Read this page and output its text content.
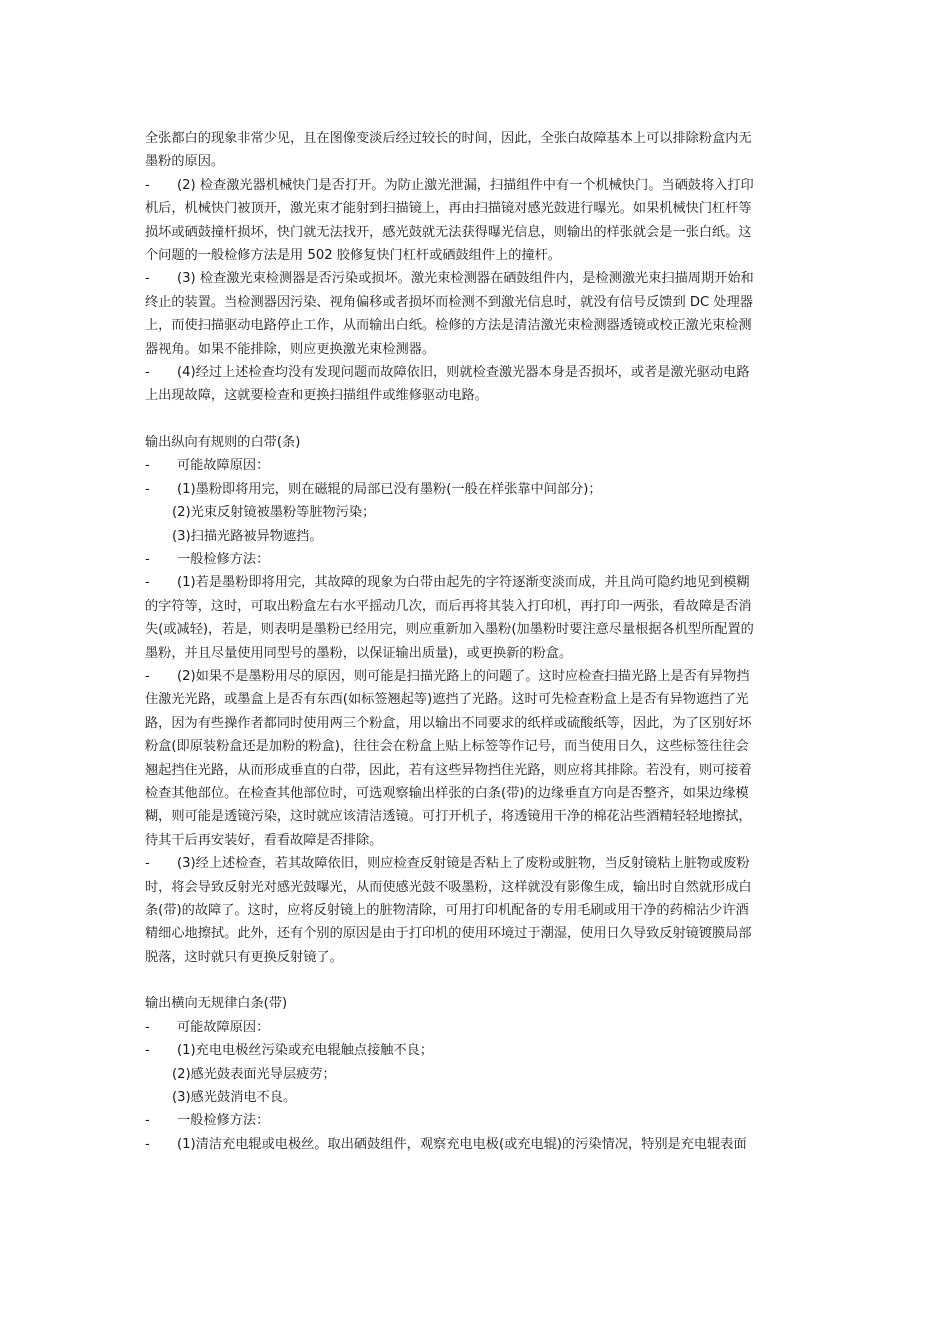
全张都白的现象非常少见，且在图像变淡后经过较长的时间，因此，全张白故障基本上可以排除粉盒内无
墨粉的原因。
- (2) 检查激光器机械快门是否打开。为防止激光泄漏，扫描组件中有一个机械快门。当硒鼓将入打印
机后，机械快门被顶开，激光束才能射到扫描镜上，再由扫描镜对感光鼓进行曝光。如果机械快门杠杆等
损坏或硒鼓撞杆损坏，快门就无法找开，感光鼓就无法获得曝光信息，则输出的样张就会是一张白纸。这
个问题的一般检修方法是用 502 胶修复快门杠杆或硒鼓组件上的撞杆。
- (3) 检查激光束检测器是否污染或损坏。激光束检测器在硒鼓组件内，是检测激光束扫描周期开始和
终止的装置。当检测器因污染、视角偏移或者损坏而检测不到激光信息时，就没有信号反馈到 DC 处理器
上，而使扫描驱动电路停止工作，从而输出白纸。检修的方法是清洁激光束检测器透镜或校正激光束检测
器视角。如果不能排除，则应更换激光束检测器。
- (4)经过上述检查均没有发现问题而故障依旧，则就检查激光器本身是否损坏，或者是激光驱动电路
上出现故障，这就要检查和更换扫描组件或维修驱动电路。
输出纵向有规则的白带(条)
- 可能故障原因：
- (1)墨粉即将用完，则在磁辊的局部已没有墨粉(一般在样张靠中间部分)；
(2)光束反射镜被墨粉等脏物污染；
(3)扫描光路被异物遮挡。
- 一般检修方法：
- (1)若是墨粉即将用完，其故障的现象为白带由起先的字符逐渐变淡而成，并且尚可隐约地见到模糊
的字符等，这时，可取出粉盒左右水平摇动几次，而后再将其装入打印机，再打印一两张，看故障是否消
失(或减轻)，若是，则表明是墨粉已经用完，则应重新加入墨粉(加墨粉时要注意尽量根据各机型所配置的
墨粉，并且尽量使用同型号的墨粉，以保证输出质量)，或更换新的粉盒。
- (2)如果不是墨粉用尽的原因，则可能是扫描光路上的问题了。这时应检查扫描光路上是否有异物挡
住激光光路，或墨盒上是否有东西(如标签翘起等)遮挡了光路。这时可先检查粉盒上是否有异物遮挡了光
路，因为有些操作者都同时使用两三个粉盒，用以输出不同要求的纸样或硫酸纸等，因此，为了区别好坏
粉盒(即原装粉盒还是加粉的粉盒)，往往会在粉盒上贴上标签等作记号，而当使用日久，这些标签往往会
翘起挡住光路，从而形成垂直的白带，因此，若有这些异物挡住光路，则应将其排除。若没有，则可接着
检查其他部位。在检查其他部位时，可选观察输出样张的白条(带)的边缘垂直方向是否整齐，如果边缘模
糊，则可能是透镜污染，这时就应该清洁透镜。可打开机子，将透镜用干净的棉花沾些酒精轻轻地擦拭，
待其干后再安装好，看看故障是否排除。
- (3)经上述检查，若其故障依旧，则应检查反射镜是否粘上了废粉或脏物，当反射镜粘上脏物或废粉
时，将会导致反射光对感光鼓曝光，从而使感光鼓不吸墨粉，这样就没有影像生成，输出时自然就形成白
条(带)的故障了。这时，应将反射镜上的脏物清除，可用打印机配备的专用毛刷或用干净的药棉沾少许酒
精细心地擦拭。此外，还有个别的原因是由于打印机的使用环境过于潮湿，使用日久导致反射镜镀膜局部
脱落，这时就只有更换反射镜了。
输出横向无规律白条(带)
- 可能故障原因：
- (1)充电电极丝污染或充电辊触点接触不良；
(2)感光鼓表面光导层疲劳；
(3)感光鼓消电不良。
- 一般检修方法：
- (1)清洁充电辊或电极丝。取出硒鼓组件，观察充电电极(或充电辊)的污染情况，特别是充电辊表面
